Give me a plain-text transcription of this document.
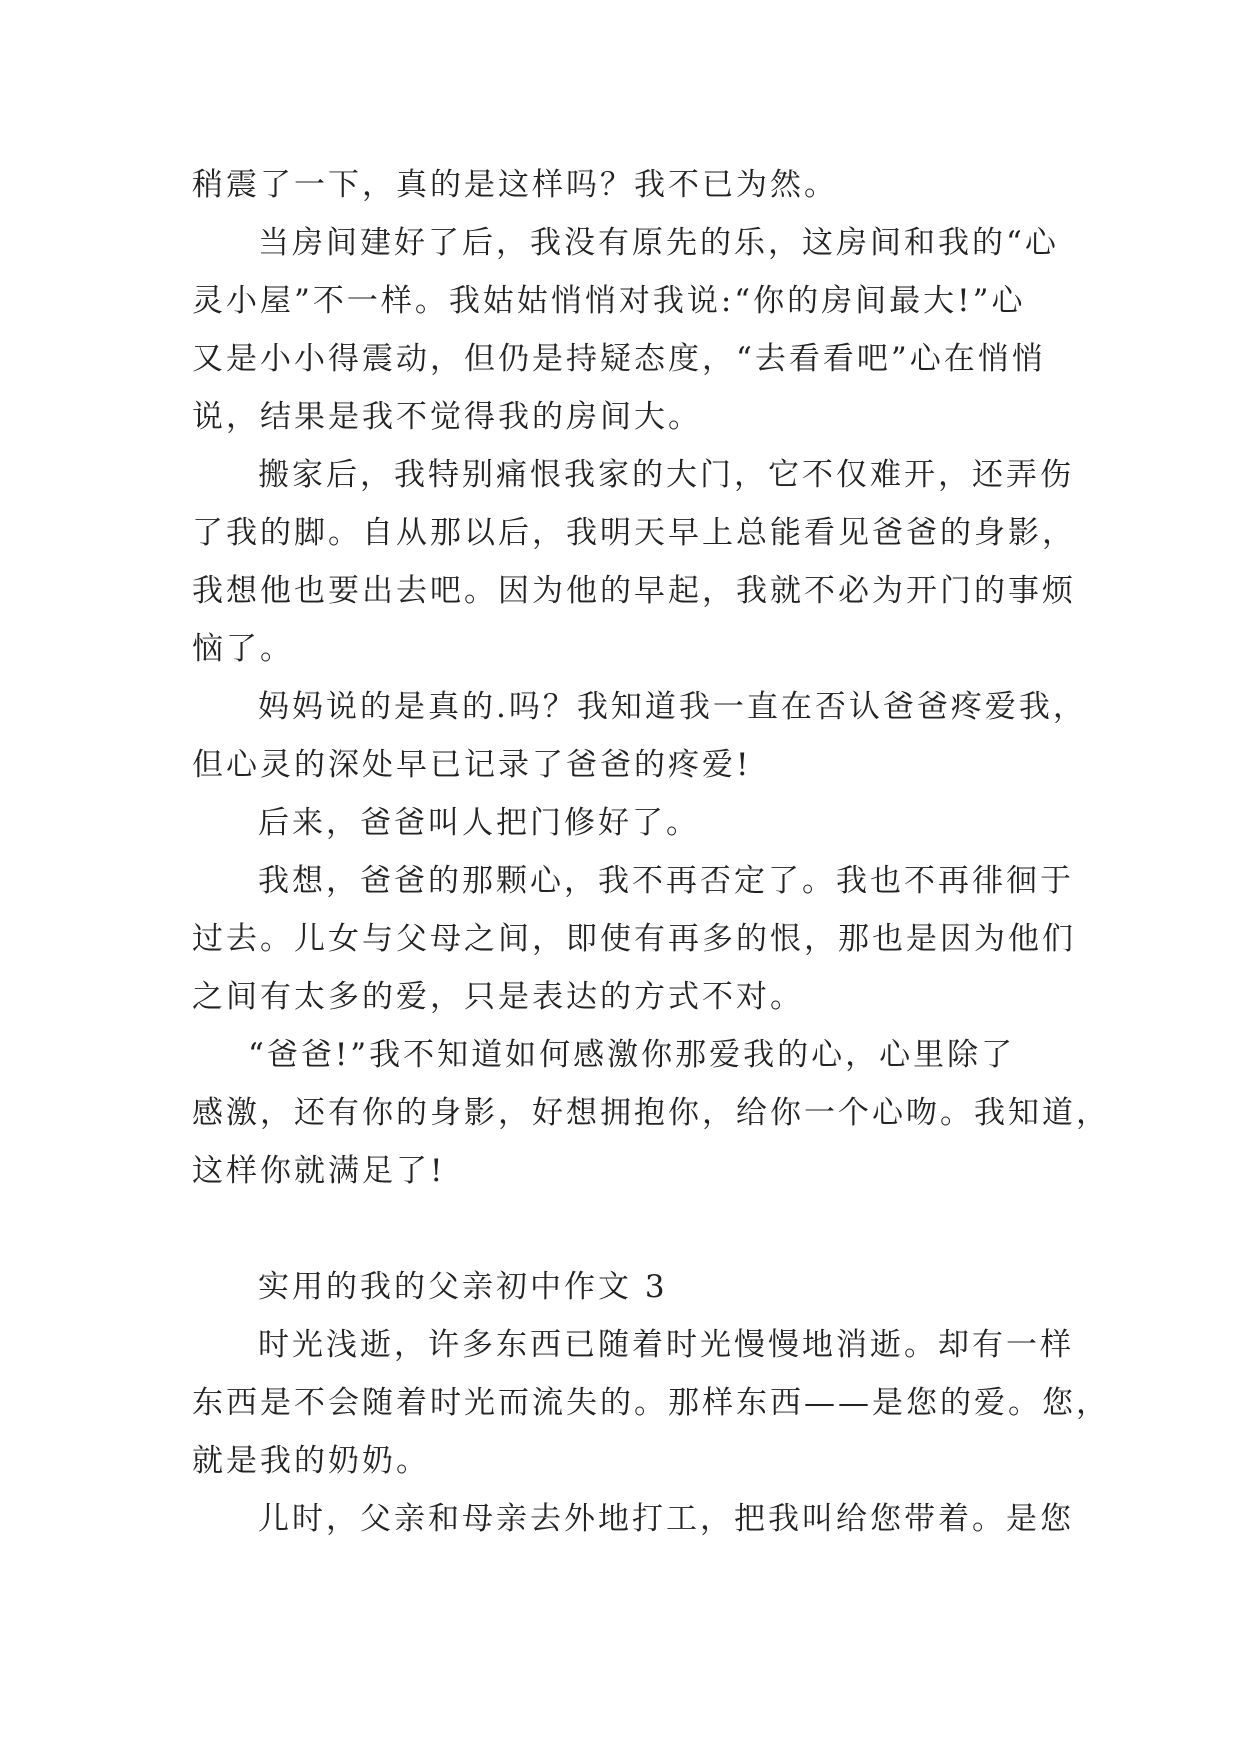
稍震了一下，真的是这样吗？我不已为然。
当房间建好了后，我没有原先的乐，这房间和我的“心
灵小屋”不一样。我姑姑悄悄对我说:“你的房间最大!”心
又是小小得震动，但仍是持疑态度，“去看看吧”心在悄悄
说，结果是我不觉得我的房间大。
搬家后，我特别痛恨我家的大门，它不仅难开，还弄伤
了我的脚。自从那以后，我明天早上总能看见爸爸的身影，
我想他也要出去吧。因为他的早起，我就不必为开门的事烦
恼了。
妈妈说的是真的.吗？我知道我一直在否认爸爸疼爱我，
但心灵的深处早已记录了爸爸的疼爱!
后来，爸爸叫人把门修好了。
我想，爸爸的那颗心，我不再否定了。我也不再徘徊于
过去。儿女与父母之间，即使有再多的恨，那也是因为他们
之间有太多的爱，只是表达的方式不对。
“爸爸!”我不知道如何感激你那爱我的心，心里除了
感激，还有你的身影，好想拥抱你，给你一个心吻。我知道，
这样你就满足了!
实用的我的父亲初中作文 3
时光浅逝，许多东西已随着时光慢慢地消逝。却有一样
东西是不会随着时光而流失的。那样东西——是您的爱。您，
就是我的奶奶。
儿时，父亲和母亲去外地打工，把我叫给您带着。是您
